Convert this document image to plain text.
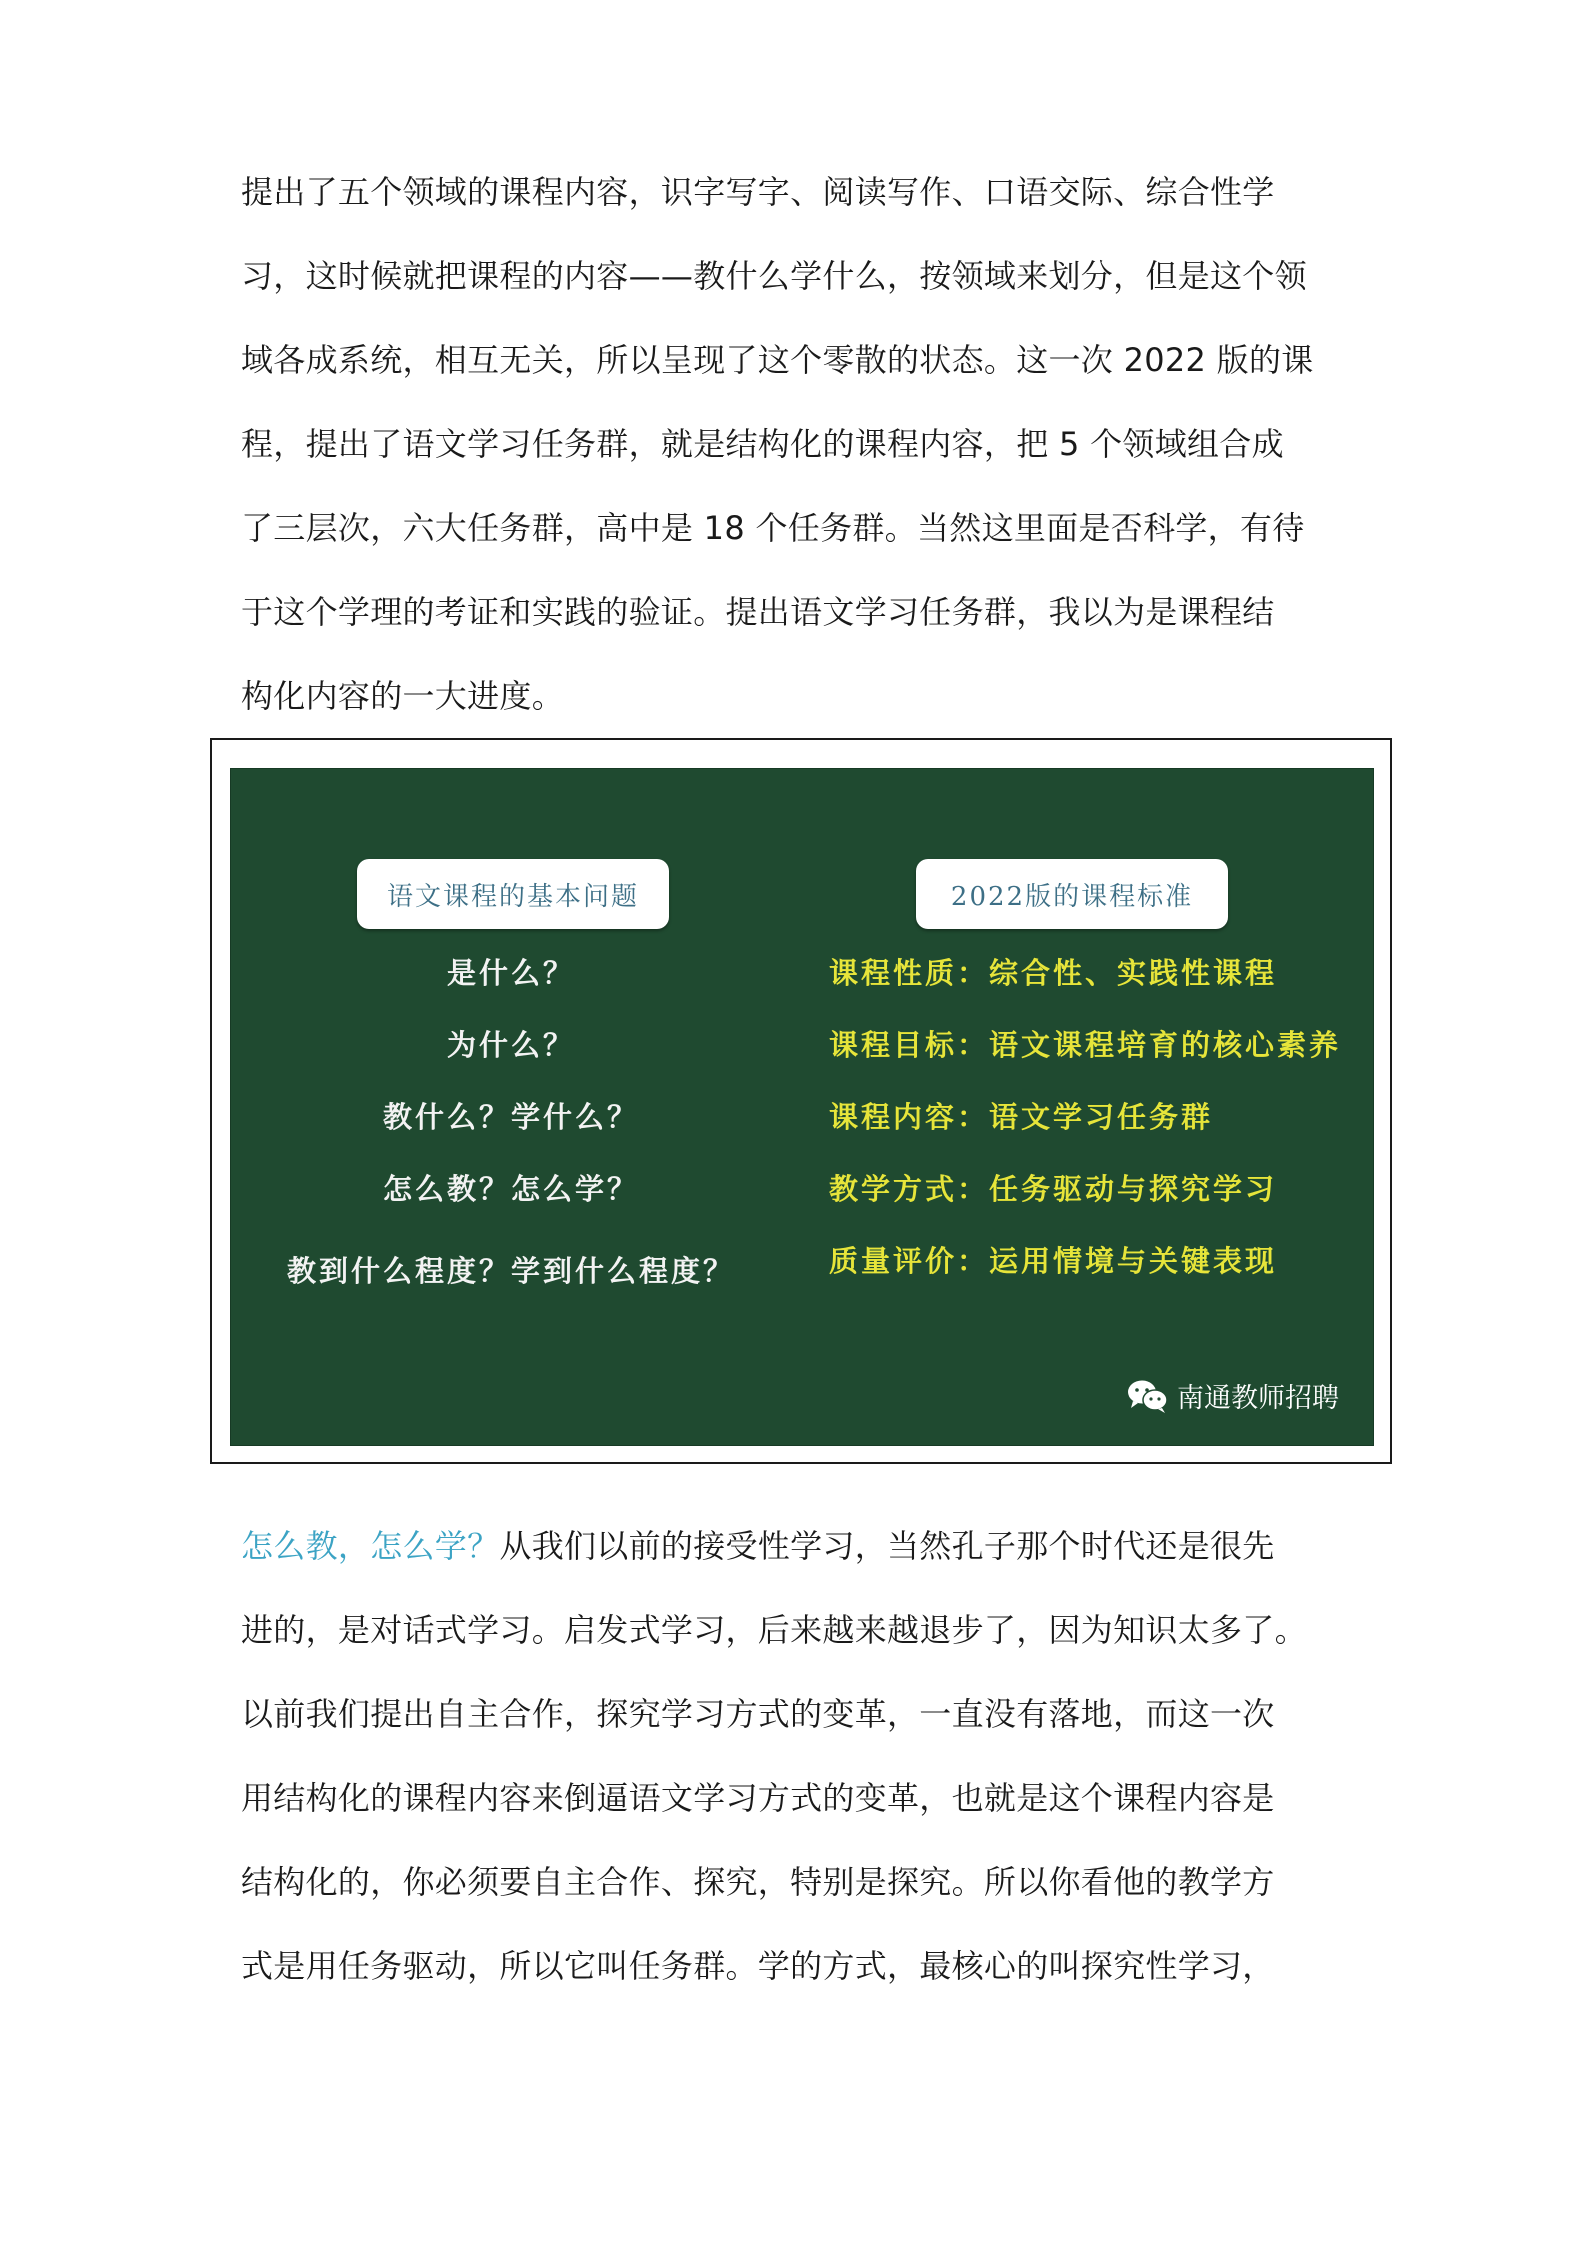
提出了五个领域的课程内容，识字写字、阅读写作、口语交际、综合性学
习，这时候就把课程的内容——教什么学什么，按领域来划分，但是这个领
域各成系统，相互无关，所以呈现了这个零散的状态。这一次 2022 版的课
程，提出了语文学习任务群，就是结构化的课程内容，把 5 个领域组合成
了三层次，六大任务群，高中是 18 个任务群。当然这里面是否科学，有待
于这个学理的考证和实践的验证。提出语文学习任务群，我以为是课程结
构化内容的一大进度。
语文课程的基本问题	2022版的课程标准
是什么？
为什么？
教什么？学什么？
怎么教？怎么学？
教到什么程度？学到什么程度？
课程性质：综合性、实践性课程
课程目标：语文课程培育的核心素养
课程内容：语文学习任务群
教学方式：任务驱动与探究学习
质量评价：运用情境与关键表现
南通教师招聘
怎么教，怎么学？从我们以前的接受性学习，当然孔子那个时代还是很先
进的，是对话式学习。启发式学习，后来越来越退步了，因为知识太多了。
以前我们提出自主合作，探究学习方式的变革，一直没有落地，而这一次
用结构化的课程内容来倒逼语文学习方式的变革，也就是这个课程内容是
结构化的，你必须要自主合作、探究，特别是探究。所以你看他的教学方
式是用任务驱动，所以它叫任务群。学的方式，最核心的叫探究性学习，
